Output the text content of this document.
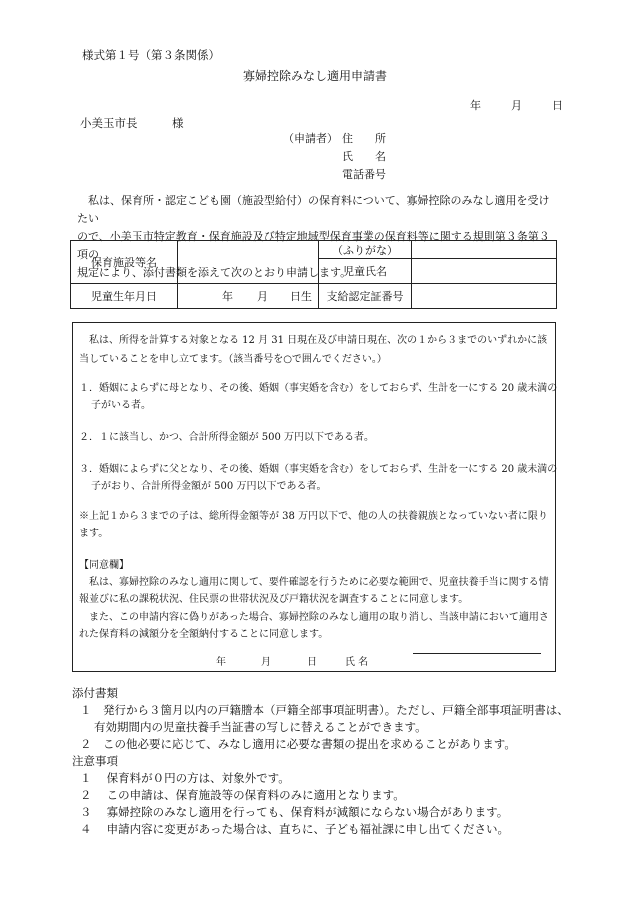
様式第１号（第３条関係）
寡婦控除みなし適用申請書
年	月	日
小美玉市長　　　様
（申請者） 住　　所
氏　　名
電話番号
私は、保育所・認定こども園（施設型給付）の保育料について、寡婦控除のみなし適用を受けたい
ので、小美玉市特定教育・保育施設及び特定地域型保育事業の保育料等に関する規則第３条第３項の
規定により、添付書類を添えて次のとおり申請します。
保育施設等名		（ふりがな）	
		児童氏名	
児童生年月日	年 月 日生	支給認定証番号	
私は、所得を計算する対象となる 12 月 31 日現在及び申請日現在、次の１から３までのいずれかに該
当していることを申し立てます。（該当番号を○で囲んでください。）
１．婚姻によらずに母となり、その後、婚姻（事実婚を含む）をしておらず、生計を一にする 20 歳未満の
子がいる者。
２．１に該当し、かつ、合計所得金額が 500 万円以下である者。
３．婚姻によらずに父となり、その後、婚姻（事実婚を含む）をしておらず、生計を一にする 20 歳未満の
子がおり、合計所得金額が 500 万円以下である者。
※上記１から３までの子は、総所得金額等が 38 万円以下で、他の人の扶養親族となっていない者に限り
ます。
【同意欄】
私は、寡婦控除のみなし適用に関して、要件確認を行うために必要な範囲で、児童扶養手当に関する情
報並びに私の課税状況、住民票の世帯状況及び戸籍状況を調査することに同意します。
また、この申請内容に偽りがあった場合、寡婦控除のみなし適用の取り消し、当該申請において適用さ
れた保育料の減額分を全額納付することに同意します。
年	月	日	氏 名
添付書類
１　発行から３箇月以内の戸籍謄本（戸籍全部事項証明書）。ただし、戸籍全部事項証明書は、
有効期間内の児童扶養手当証書の写しに替えることができます。
２　この他必要に応じて、みなし適用に必要な書類の提出を求めることがあります。
注意事項
１　 保育料が０円の方は、対象外です。
２　 この申請は、保育施設等の保育料のみに適用となります。
３　 寡婦控除のみなし適用を行っても、保育料が減額にならない場合があります。
４　 申請内容に変更があった場合は、直ちに、子ども福祉課に申し出てください。
